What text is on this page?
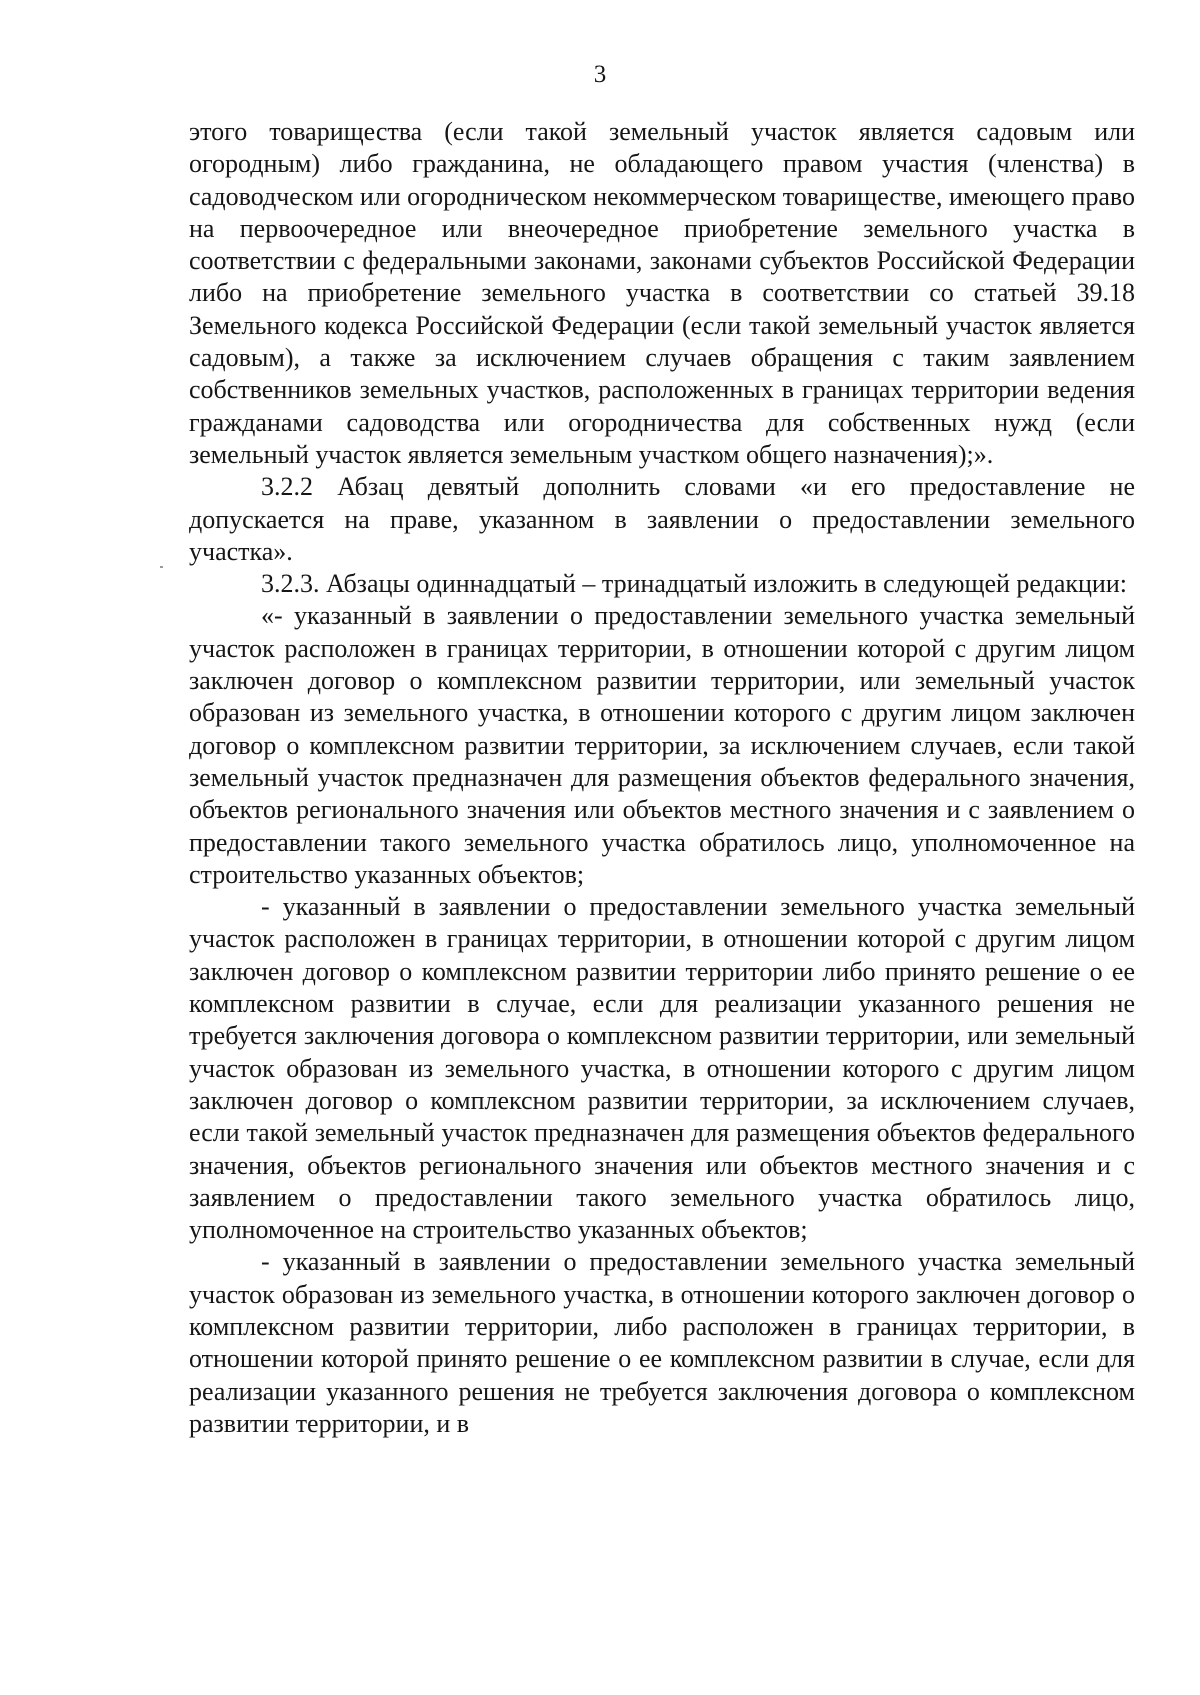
3

этого товарищества (если такой земельный участок является садовым или огородным) либо гражданина, не обладающего правом участия (членства) в садоводческом или огородническом некоммерческом товариществе, имеющего право на первоочередное или внеочередное приобретение земельного участка в соответствии с федеральными законами, законами субъектов Российской Федерации либо на приобретение земельного участка в соответствии со статьей 39.18 Земельного кодекса Российской Федерации (если такой земельный участок является садовым), а также за исключением случаев обращения с таким заявлением собственников земельных участков, расположенных в границах территории ведения гражданами садоводства или огородничества для собственных нужд (если земельный участок является земельным участком общего назначения);».

3.2.2 Абзац девятый дополнить словами «и его предоставление не допускается на праве, указанном в заявлении о предоставлении земельного участка».

3.2.3. Абзацы одиннадцатый – тринадцатый изложить в следующей редакции:

«- указанный в заявлении о предоставлении земельного участка земельный участок расположен в границах территории, в отношении которой с другим лицом заключен договор о комплексном развитии территории, или земельный участок образован из земельного участка, в отношении которого с другим лицом заключен договор о комплексном развитии территории, за исключением случаев, если такой земельный участок предназначен для размещения объектов федерального значения, объектов регионального значения или объектов местного значения и с заявлением о предоставлении такого земельного участка обратилось лицо, уполномоченное на строительство указанных объектов;

- указанный в заявлении о предоставлении земельного участка земельный участок расположен в границах территории, в отношении которой с другим лицом заключен договор о комплексном развитии территории либо принято решение о ее комплексном развитии в случае, если для реализации указанного решения не требуется заключения договора о комплексном развитии территории, или земельный участок образован из земельного участка, в отношении которого с другим лицом заключен договор о комплексном развитии территории, за исключением случаев, если такой земельный участок предназначен для размещения объектов федерального значения, объектов регионального значения или объектов местного значения и с заявлением о предоставлении такого земельного участка обратилось лицо, уполномоченное на строительство указанных объектов;

- указанный в заявлении о предоставлении земельного участка земельный участок образован из земельного участка, в отношении которого заключен договор о комплексном развитии территории, либо расположен в границах территории, в отношении которой принято решение о ее комплексном развитии в случае, если для реализации указанного решения не требуется заключения договора о комплексном развитии территории, и в
